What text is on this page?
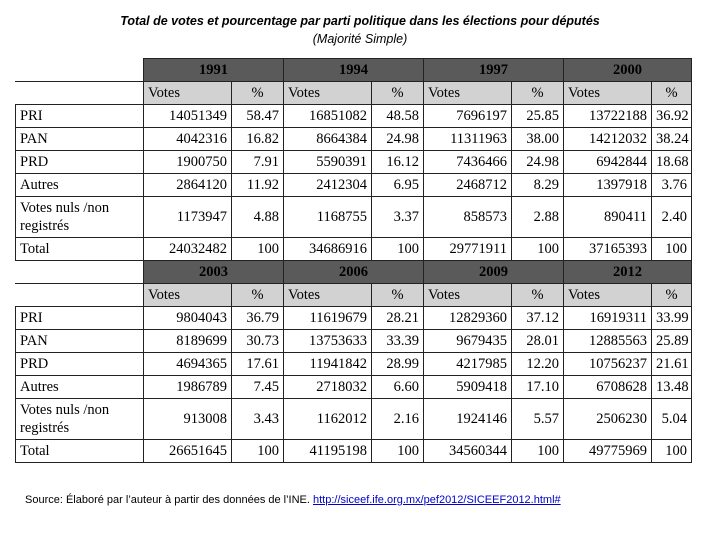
Total de votes et pourcentage par parti politique dans les élections pour députés
(Majorité Simple)
	1991		1994		1997		2000	
	Votes	%	Votes	%	Votes	%	Votes	%
PRI	14051349	58.47	16851082	48.58	7696197	25.85	13722188	36.92
PAN	4042316	16.82	8664384	24.98	11311963	38.00	14212032	38.24
PRD	1900750	7.91	5590391	16.12	7436466	24.98	6942844	18.68
Autres	2864120	11.92	2412304	6.95	2468712	8.29	1397918	3.76
Votes nuls /non registrés	1173947	4.88	1168755	3.37	858573	2.88	890411	2.40
Total	24032482	100	34686916	100	29771911	100	37165393	100
	2003		2006		2009		2012	
	Votes	%	Votes	%	Votes	%	Votes	%
PRI	9804043	36.79	11619679	28.21	12829360	37.12	16919311	33.99
PAN	8189699	30.73	13753633	33.39	9679435	28.01	12885563	25.89
PRD	4694365	17.61	11941842	28.99	4217985	12.20	10756237	21.61
Autres	1986789	7.45	2718032	6.60	5909418	17.10	6708628	13.48
Votes nuls /non registrés	913008	3.43	1162012	2.16	1924146	5.57	2506230	5.04
Total	26651645	100	41195198	100	34560344	100	49775969	100
Source: Élaboré par l’auteur à partir des données de l’INE. http://siceef.ife.org.mx/pef2012/SICEEF2012.html#
